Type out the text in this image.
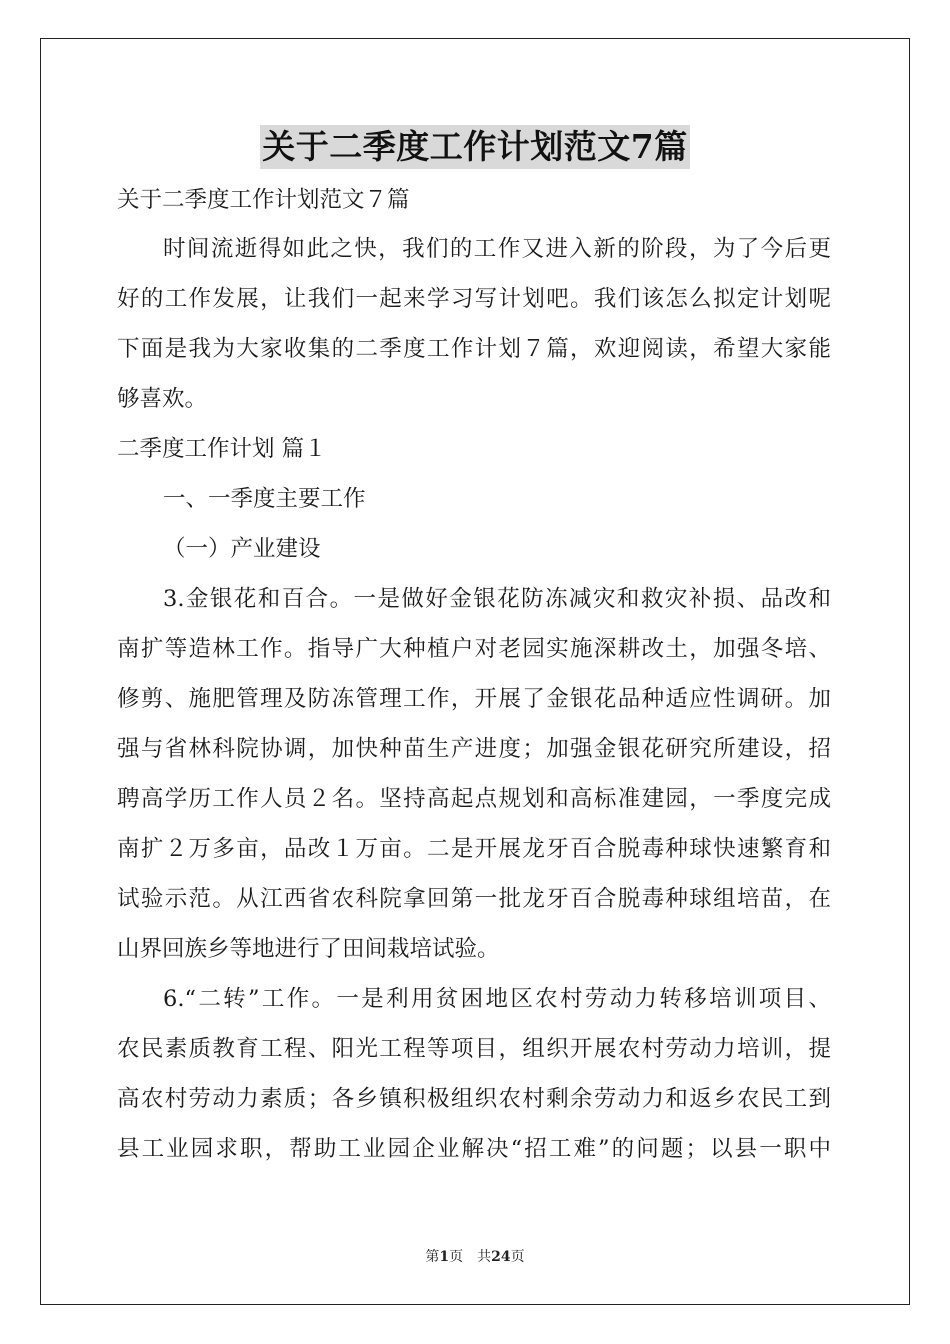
关于二季度工作计划范文7篇
关于二季度工作计划范文７篇
时间流逝得如此之快，我们的工作又进入新的阶段，为了今后更
好的工作发展，让我们一起来学习写计划吧。我们该怎么拟定计划呢
下面是我为大家收集的二季度工作计划７篇，欢迎阅读，希望大家能
够喜欢。
二季度工作计划 篇１
一、一季度主要工作
（一）产业建设
3.金银花和百合。一是做好金银花防冻减灾和救灾补损、品改和
南扩等造林工作。指导广大种植户对老园实施深耕改土，加强冬培、
修剪、施肥管理及防冻管理工作，开展了金银花品种适应性调研。加
强与省林科院协调，加快种苗生产进度；加强金银花研究所建设，招
聘高学历工作人员２名。坚持高起点规划和高标准建园，一季度完成
南扩２万多亩，品改１万亩。二是开展龙牙百合脱毒种球快速繁育和
试验示范。从江西省农科院拿回第一批龙牙百合脱毒种球组培苗，在
山界回族乡等地进行了田间栽培试验。
6.“二转”工作。一是利用贫困地区农村劳动力转移培训项目、
农民素质教育工程、阳光工程等项目，组织开展农村劳动力培训，提
高农村劳动力素质；各乡镇积极组织农村剩余劳动力和返乡农民工到
县工业园求职，帮助工业园企业解决“招工难”的问题；以县一职中
第1页　共24页
